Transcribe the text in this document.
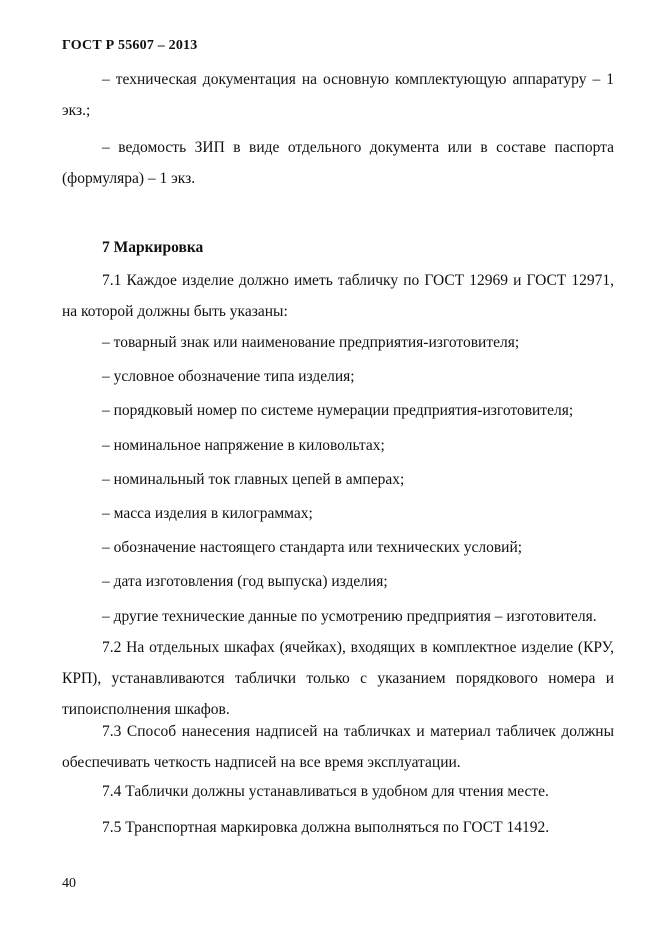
ГОСТ Р 55607 – 2013

– техническая документация на основную комплектующую аппаратуру – 1 экз.;

– ведомость ЗИП в виде отдельного документа или в составе паспорта (формуляра) – 1 экз.

7 Маркировка

7.1 Каждое изделие должно иметь табличку по ГОСТ 12969 и ГОСТ 12971, на которой должны быть указаны:

– товарный знак или наименование предприятия-изготовителя;

– условное обозначение типа изделия;

– порядковый номер по системе нумерации предприятия-изготовителя;

– номинальное напряжение в киловольтах;

– номинальный ток главных цепей в амперах;

– масса изделия в килограммах;

– обозначение настоящего стандарта или технических условий;

– дата изготовления (год выпуска) изделия;

– другие технические данные по усмотрению предприятия – изготовителя.

7.2 На отдельных шкафах (ячейках), входящих в комплектное изделие (КРУ, КРП), устанавливаются таблички только с указанием порядкового номера и типоисполнения шкафов.

7.3 Способ нанесения надписей на табличках и материал табличек должны обеспечивать четкость надписей на все время эксплуатации.

7.4 Таблички должны устанавливаться в удобном для чтения месте.

7.5 Транспортная маркировка должна выполняться по ГОСТ 14192.

40
